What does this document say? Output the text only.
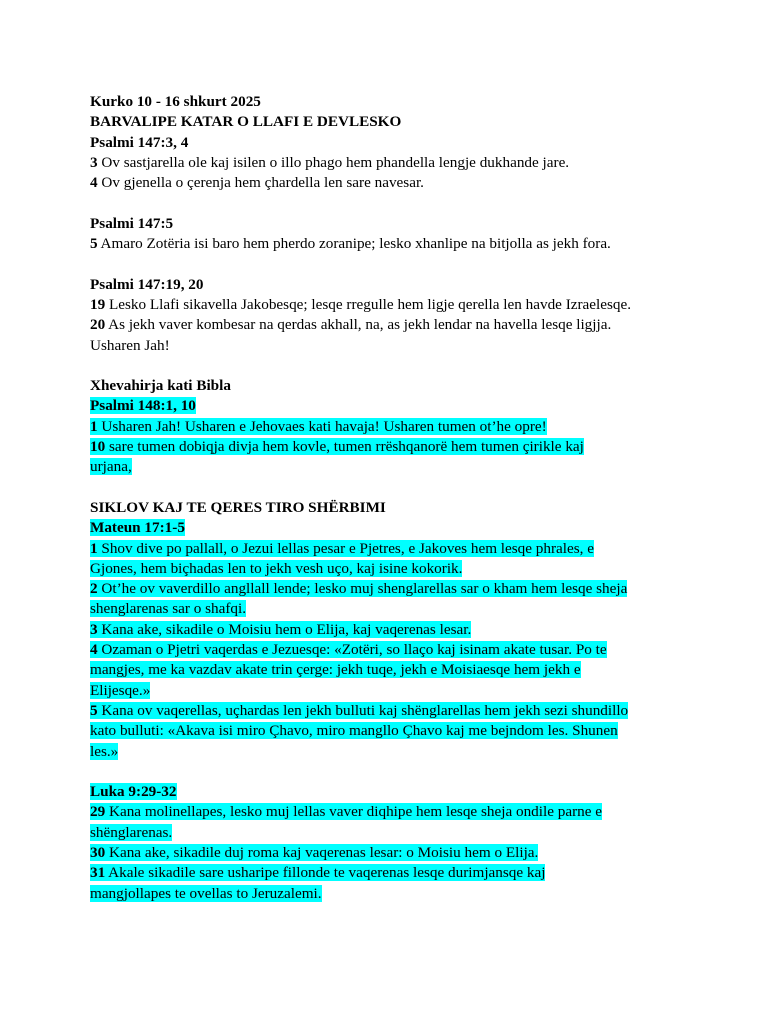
Kurko 10 - 16 shkurt 2025
BARVALIPE KATAR O LLAFI E DEVLESKO
Psalmi 147:3, 4
3 Ov sastjarella ole kaj isilen o illo phago hem phandella lengje dukhande jare.
4 Ov gjenella o çerenja hem çhardella len sare navesar.
Psalmi 147:5
5 Amaro Zotëria isi baro hem pherdo zoranipe; lesko xhanlipe na bitjolla as jekh fora.
Psalmi 147:19, 20
19 Lesko Llafi sikavella Jakobesqe; lesqe rregulle hem ligje qerella len havde Izraelesqe.
20 As jekh vaver kombesar na qerdas akhall, na, as jekh lendar na havella lesqe ligjja.
Usharen Jah!
Xhevahirja kati Bibla
Psalmi 148:1, 10
1 Usharen Jah! Usharen e Jehovaes kati havaja! Usharen tumen ot’he opre!
10 sare tumen dobiqja divja hem kovle, tumen rrëshqanorë hem tumen çirikle kaj
urjana,
SIKLOV KAJ TE QERES TIRO SHËRBIMI
Mateun 17:1-5
1 Shov dive po pallall, o Jezui lellas pesar e Pjetres, e Jakoves hem lesqe phrales, e
Gjones, hem biçhadas len to jekh vesh uço, kaj isine kokorik.
2 Ot’he ov vaverdillo angllall lende; lesko muj shenglarellas sar o kham hem lesqe sheja
shenglarenas sar o shafqi.
3 Kana ake, sikadile o Moisiu hem o Elija, kaj vaqerenas lesar.
4 Ozaman o Pjetri vaqerdas e Jezuesqe: «Zotëri, so llaço kaj isinam akate tusar. Po te
mangjes, me ka vazdav akate trin çerge: jekh tuqe, jekh e Moisiaesqe hem jekh e
Elijesqe.»
5 Kana ov vaqerellas, uçhardas len jekh bulluti kaj shënglarellas hem jekh sezi shundillo
kato bulluti: «Akava isi miro Çhavo, miro mangllo Çhavo kaj me bejndom les. Shunen
les.»
Luka 9:29-32
29 Kana molinellapes, lesko muj lellas vaver diqhipe hem lesqe sheja ondile parne e
shënglarenas.
30 Kana ake, sikadile duj roma kaj vaqerenas lesar: o Moisiu hem o Elija.
31 Akale sikadile sare usharipe fillonde te vaqerenas lesqe durimjansqe kaj
mangjollapes te ovellas to Jeruzalemi.
